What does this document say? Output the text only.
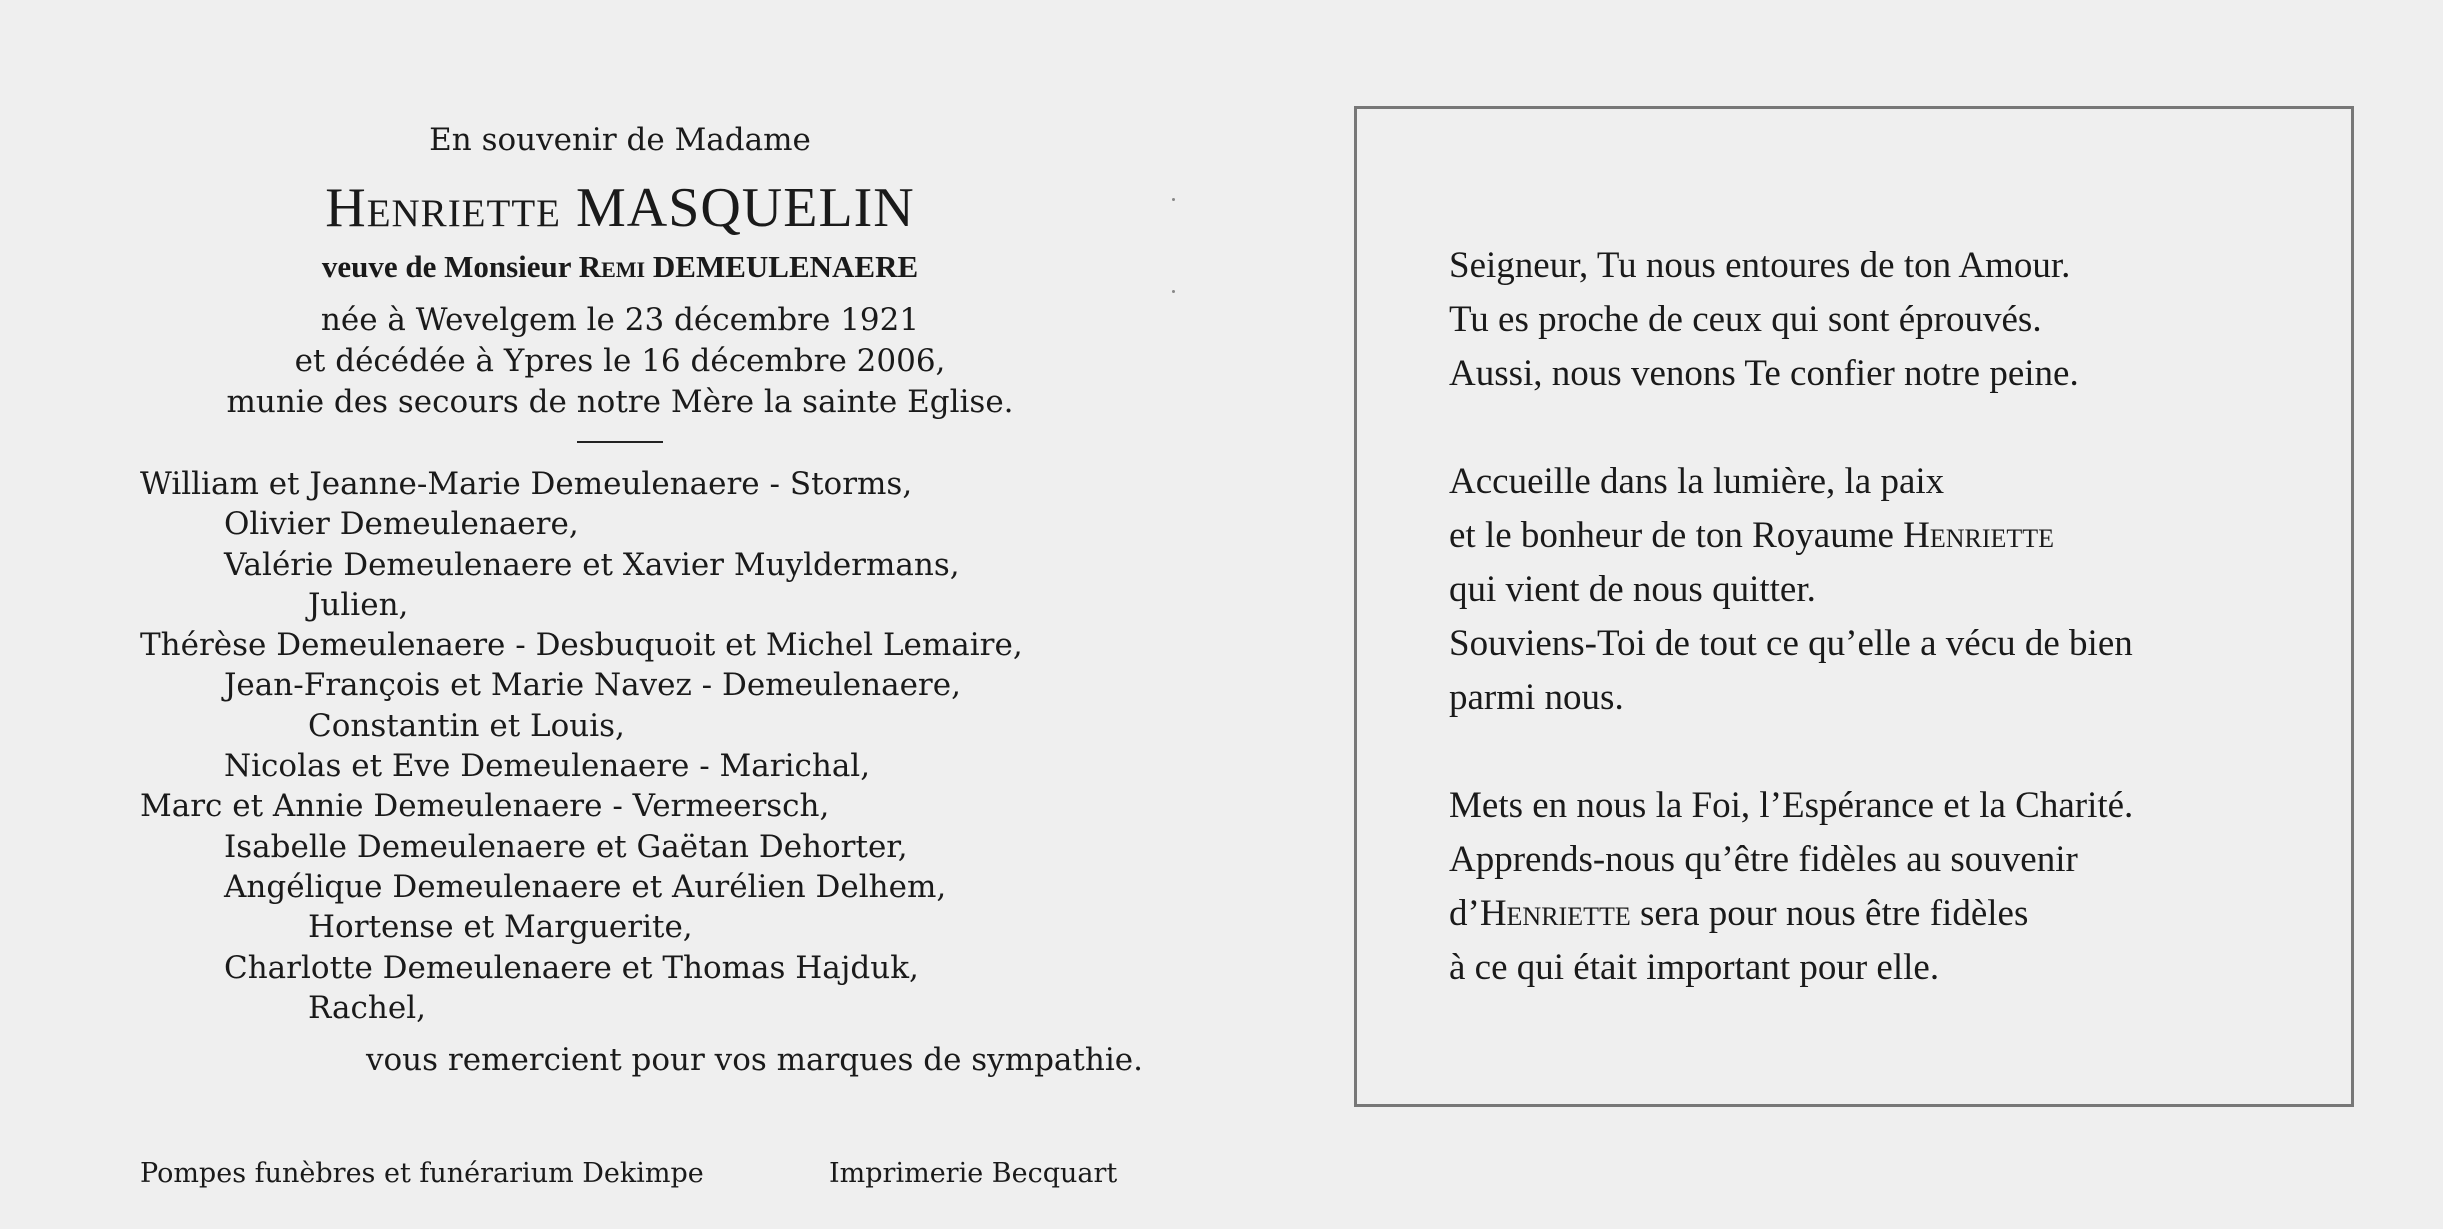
En souvenir de Madame
Henriette MASQUELIN
veuve de Monsieur Remi DEMEULENAERE
née à Wevelgem le 23 décembre 1921
et décédée à Ypres le 16 décembre 2006,
munie des secours de notre Mère la sainte Eglise.
William et Jeanne-Marie Demeulenaere - Storms,
Olivier Demeulenaere,
Valérie Demeulenaere et Xavier Muyldermans,
Julien,
Thérèse Demeulenaere - Desbuquoit et Michel Lemaire,
Jean-François et Marie Navez - Demeulenaere,
Constantin et Louis,
Nicolas et Eve Demeulenaere - Marichal,
Marc et Annie Demeulenaere - Vermeersch,
Isabelle Demeulenaere et Gaëtan Dehorter,
Angélique Demeulenaere et Aurélien Delhem,
Hortense et Marguerite,
Charlotte Demeulenaere et Thomas Hajduk,
Rachel,
vous remercient pour vos marques de sympathie.
Pompes funèbres et funérarium Dekimpe	Imprimerie Becquart
Seigneur, Tu nous entoures de ton Amour.
Tu es proche de ceux qui sont éprouvés.
Aussi, nous venons Te confier notre peine.
Accueille dans la lumière, la paix
et le bonheur de ton Royaume Henriette
qui vient de nous quitter.
Souviens-Toi de tout ce qu’elle a vécu de bien
parmi nous.
Mets en nous la Foi, l’Espérance et la Charité.
Apprends-nous qu’être fidèles au souvenir
d’Henriette sera pour nous être fidèles
à ce qui était important pour elle.
